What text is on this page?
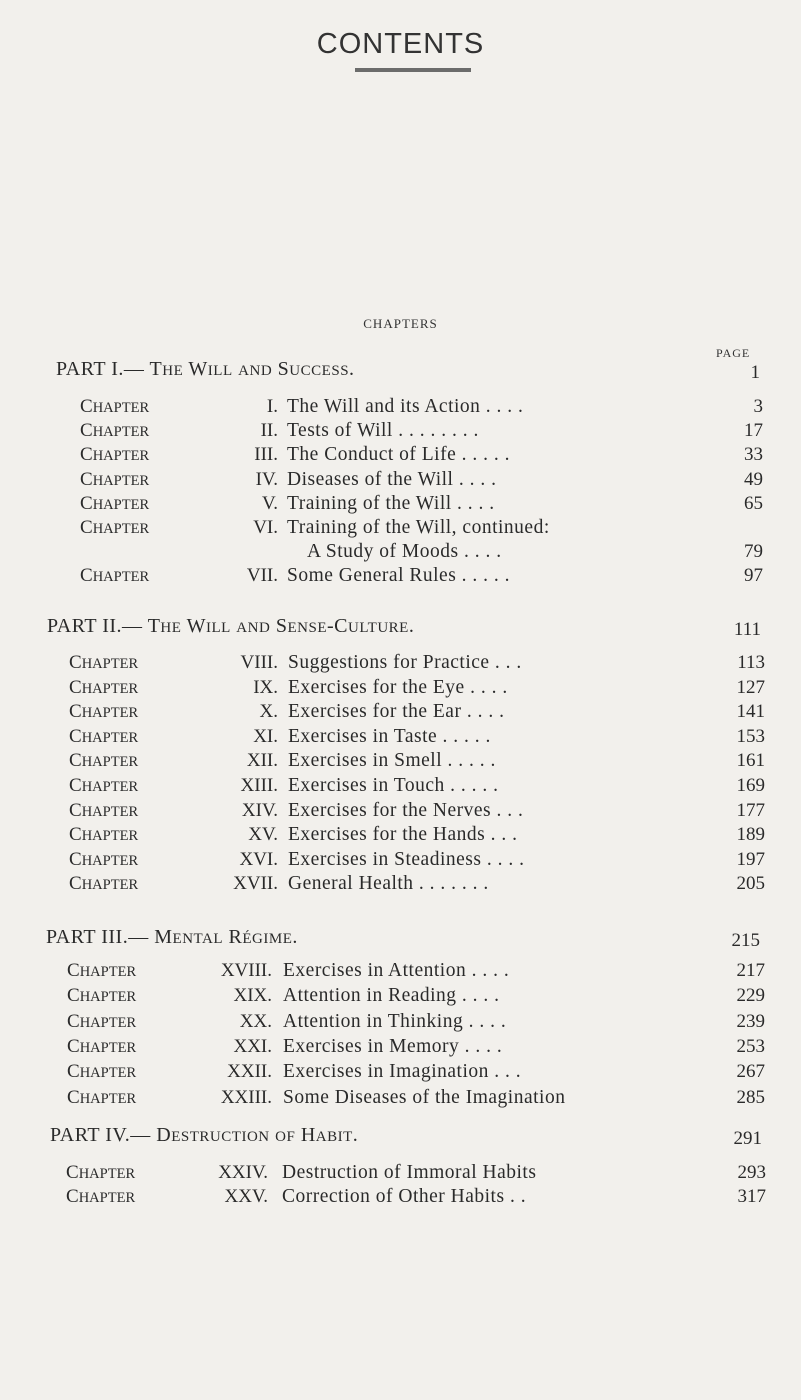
CONTENTS
CHAPTERS
PAGE
PART I.— THE WILL AND SUCCESS.	1
CHAPTER	I. The Will and its Action . . . .	3
CHAPTER	II. Tests of Will . . . . . . . .	17
CHAPTER	III. The Conduct of Life . . . . .	33
CHAPTER	IV. Diseases of the Will . . . .	49
CHAPTER	V. Training of the Will . . . .	65
CHAPTER	VI. Training of the Will, continued:
A Study of Moods . . . .	79
CHAPTER	VII. Some General Rules . . . . .	97
PART II.— THE WILL AND SENSE-CULTURE.	111
CHAPTER	VIII. Suggestions for Practice . . .	113
CHAPTER	IX. Exercises for the Eye . . . .	127
CHAPTER	X. Exercises for the Ear . . . .	141
CHAPTER	XI. Exercises in Taste . . . . .	153
CHAPTER	XII. Exercises in Smell . . . . .	161
CHAPTER	XIII. Exercises in Touch . . . . .	169
CHAPTER	XIV. Exercises for the Nerves . . .	177
CHAPTER	XV. Exercises for the Hands . . .	189
CHAPTER	XVI. Exercises in Steadiness . . . .	197
CHAPTER	XVII. General Health . . . . . . .	205
PART III.— MENTAL RÉGIME.	215
CHAPTER	XVIII. Exercises in Attention . . . .	217
CHAPTER	XIX. Attention in Reading . . . .	229
CHAPTER	XX. Attention in Thinking . . . .	239
CHAPTER	XXI. Exercises in Memory . . . .	253
CHAPTER	XXII. Exercises in Imagination . . .	267
CHAPTER	XXIII. Some Diseases of the Imagination	285
PART IV.— DESTRUCTION OF HABIT.	291
CHAPTER	XXIV. Destruction of Immoral Habits	293
CHAPTER	XXV. Correction of Other Habits . .	317
